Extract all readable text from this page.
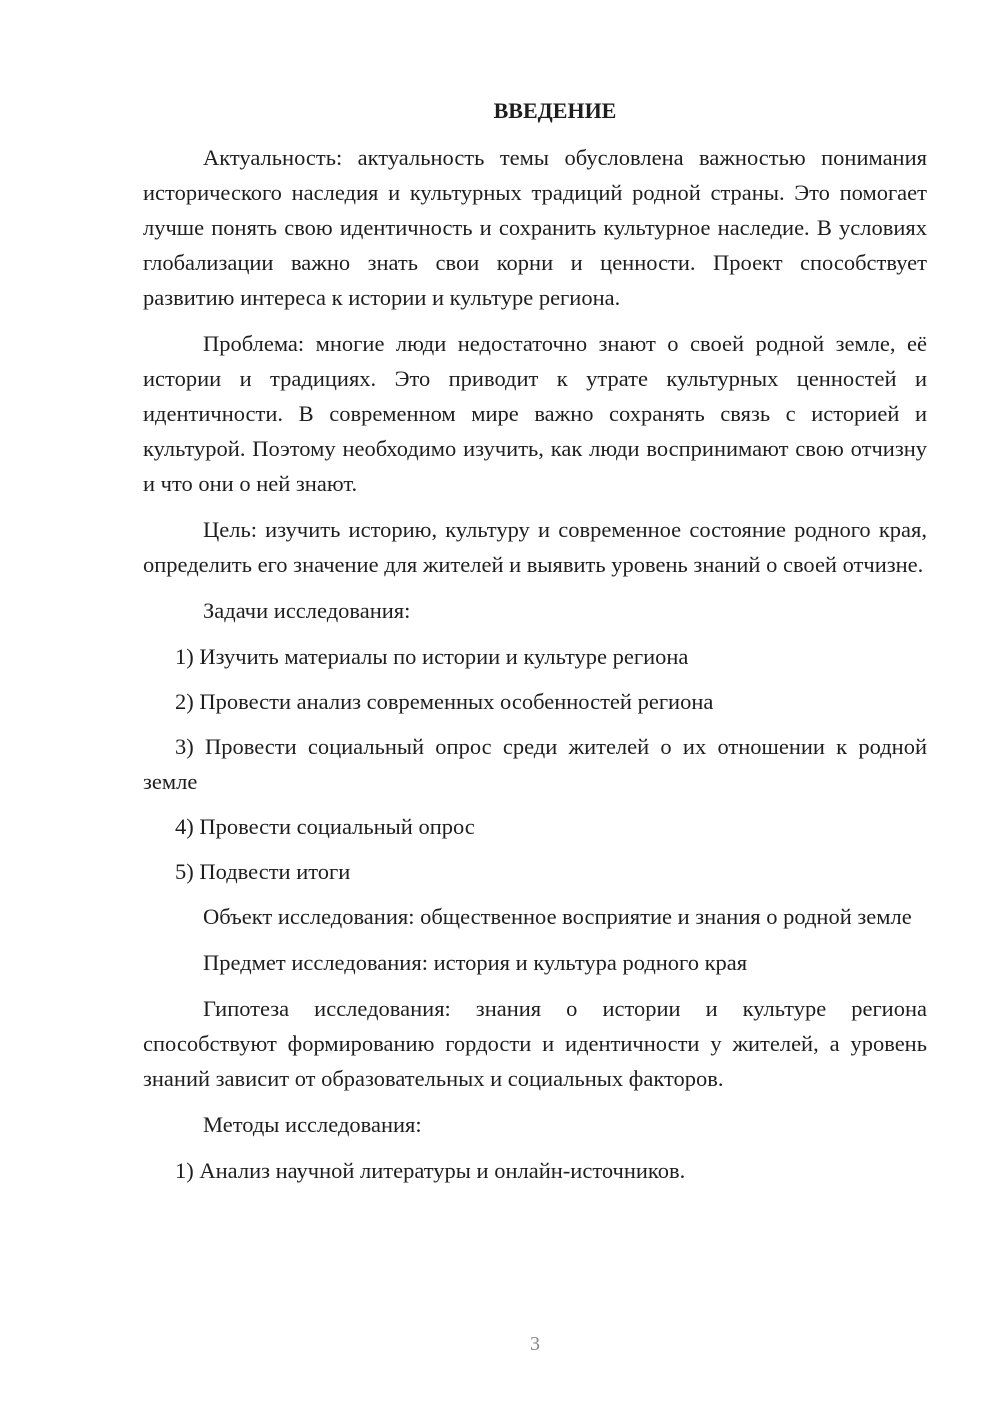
ВВЕДЕНИЕ

Актуальность: актуальность темы обусловлена важностью понимания исторического наследия и культурных традиций родной страны. Это помогает лучше понять свою идентичность и сохранить культурное наследие. В условиях глобализации важно знать свои корни и ценности. Проект способствует развитию интереса к истории и культуре региона.

Проблема: многие люди недостаточно знают о своей родной земле, её истории и традициях. Это приводит к утрате культурных ценностей и идентичности. В современном мире важно сохранять связь с историей и культурой. Поэтому необходимо изучить, как люди воспринимают свою отчизну и что они о ней знают.

Цель: изучить историю, культуру и современное состояние родного края, определить его значение для жителей и выявить уровень знаний о своей отчизне.

Задачи исследования:

1) Изучить материалы по истории и культуре региона

2) Провести анализ современных особенностей региона

3) Провести социальный опрос среди жителей о их отношении к родной земле

4) Провести социальный опрос

5) Подвести итоги

Объект исследования: общественное восприятие и знания о родной земле

Предмет исследования: история и культура родного края

Гипотеза исследования: знания о истории и культуре региона способствуют формированию гордости и идентичности у жителей, а уровень знаний зависит от образовательных и социальных факторов.

Методы исследования:

1) Анализ научной литературы и онлайн-источников.

3
